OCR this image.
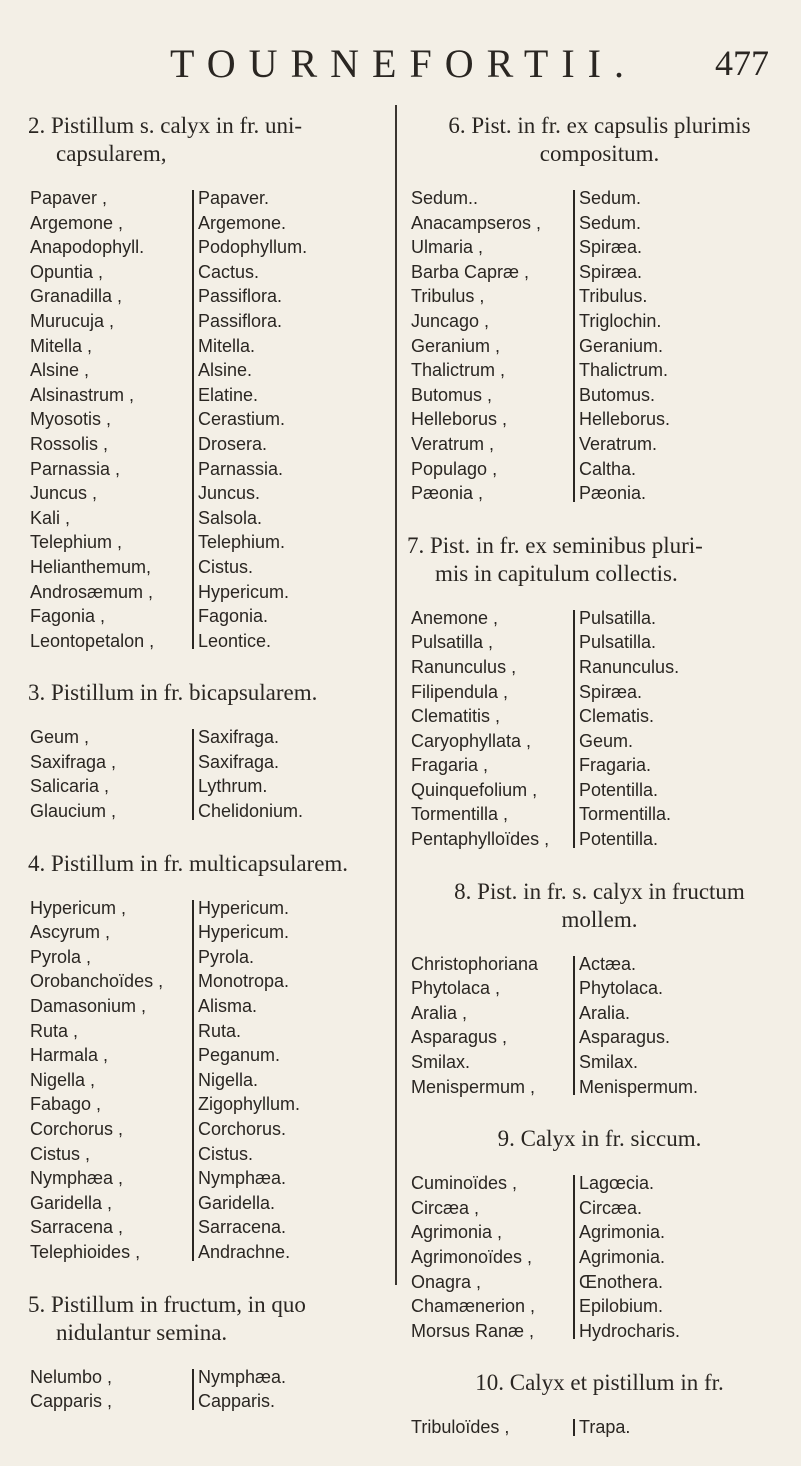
TOURNEFORTII. 477
2. Pistillum s. calyx in fr. uni-
capsularem,
Papaver ,	Papaver.
Argemone ,	Argemone.
Anapodophyll.	Podophyllum.
Opuntia ,	Cactus.
Granadilla ,	Passiflora.
Murucuja ,	Passiflora.
Mitella ,	Mitella.
Alsine ,	Alsine.
Alsinastrum ,	Elatine.
Myosotis ,	Cerastium.
Rossolis ,	Drosera.
Parnassia ,	Parnassia.
Juncus ,	Juncus.
Kali ,	Salsola.
Telephium ,	Telephium.
Helianthemum,	Cistus.
Androsæmum ,	Hypericum.
Fagonia ,	Fagonia.
Leontopetalon ,	Leontice.
3. Pistillum in fr. bicapsularem.
Geum ,	Saxifraga.
Saxifraga ,	Saxifraga.
Salicaria ,	Lythrum.
Glaucium ,	Chelidonium.
4. Pistillum in fr. multicapsularem.
Hypericum ,	Hypericum.
Ascyrum ,	Hypericum.
Pyrola ,	Pyrola.
Orobanchoïdes ,	Monotropa.
Damasonium ,	Alisma.
Ruta ,	Ruta.
Harmala ,	Peganum.
Nigella ,	Nigella.
Fabago ,	Zigophyllum.
Corchorus ,	Corchorus.
Cistus ,	Cistus.
Nymphæa ,	Nymphæa.
Garidella ,	Garidella.
Sarracena ,	Sarracena.
Telephioides ,	Andrachne.
5. Pistillum in fructum, in quo
nidulantur semina.
Nelumbo ,	Nymphæa.
Capparis ,	Capparis.
6. Pist. in fr. ex capsulis plurimis
compositum.
Sedum..	Sedum.
Anacampseros ,	Sedum.
Ulmaria ,	Spiræa.
Barba Capræ ,	Spiræa.
Tribulus ,	Tribulus.
Juncago ,	Triglochin.
Geranium ,	Geranium.
Thalictrum ,	Thalictrum.
Butomus ,	Butomus.
Helleborus ,	Helleborus.
Veratrum ,	Veratrum.
Populago ,	Caltha.
Pæonia ,	Pæonia.
7. Pist. in fr. ex seminibus pluri-
mis in capitulum collectis.
Anemone ,	Pulsatilla.
Pulsatilla ,	Pulsatilla.
Ranunculus ,	Ranunculus.
Filipendula ,	Spiræa.
Clematitis ,	Clematis.
Caryophyllata ,	Geum.
Fragaria ,	Fragaria.
Quinquefolium ,	Potentilla.
Tormentilla ,	Tormentilla.
Pentaphylloïdes ,	Potentilla.
8. Pist. in fr. s. calyx in fructum
mollem.
Christophoriana	Actæa.
Phytolaca ,	Phytolaca.
Aralia ,	Aralia.
Asparagus ,	Asparagus.
Smilax.	Smilax.
Menispermum ,	Menispermum.
9. Calyx in fr. siccum.
Cuminoïdes ,	Lagœcia.
Circæa ,	Circæa.
Agrimonia ,	Agrimonia.
Agrimonoïdes ,	Agrimonia.
Onagra ,	Œnothera.
Chamænerion ,	Epilobium.
Morsus Ranæ ,	Hydrocharis.
10. Calyx et pistillum in fr.
Tribuloïdes ,	Trapa.
